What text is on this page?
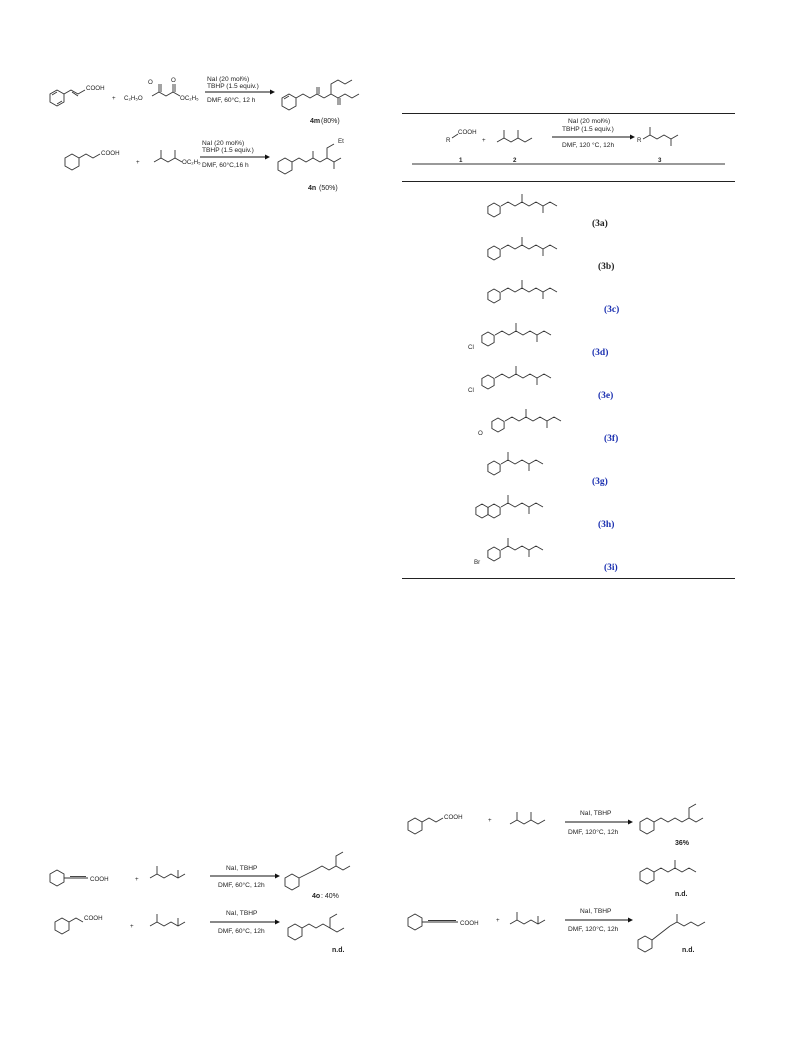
COOH
+
O	O
C₂H₅O	OC₂H₅
NaI (20 mol%)
TBHP (1.5 equiv.)
DMF, 60°C, 12 h
4m (80%)
COOH
+	OC₂H₅
NaI (20 mol%)
TBHP (1.5 equiv.)
DMF, 60°C,16 h
Et
4n (50%)
R
COOH
+
NaI (20 mol%)
TBHP (1.5 equiv.)
DMF, 120 °C, 12h
R
1	2	3
(3a)
(3b)
(3c)
Cl
(3d)
Cl
(3e)
O
(3f)
(3g)
(3h)
Br
(3i)
COOH	+
NaI, TBHP
DMF, 60°C, 12h
4o : 40%
COOH
+
NaI, TBHP
DMF, 60°C, 12h
n.d.
COOH	+
NaI, TBHP
DMF, 120°C, 12h
36%
n.d.
COOH	+
NaI, TBHP
DMF, 120°C, 12h
n.d.
